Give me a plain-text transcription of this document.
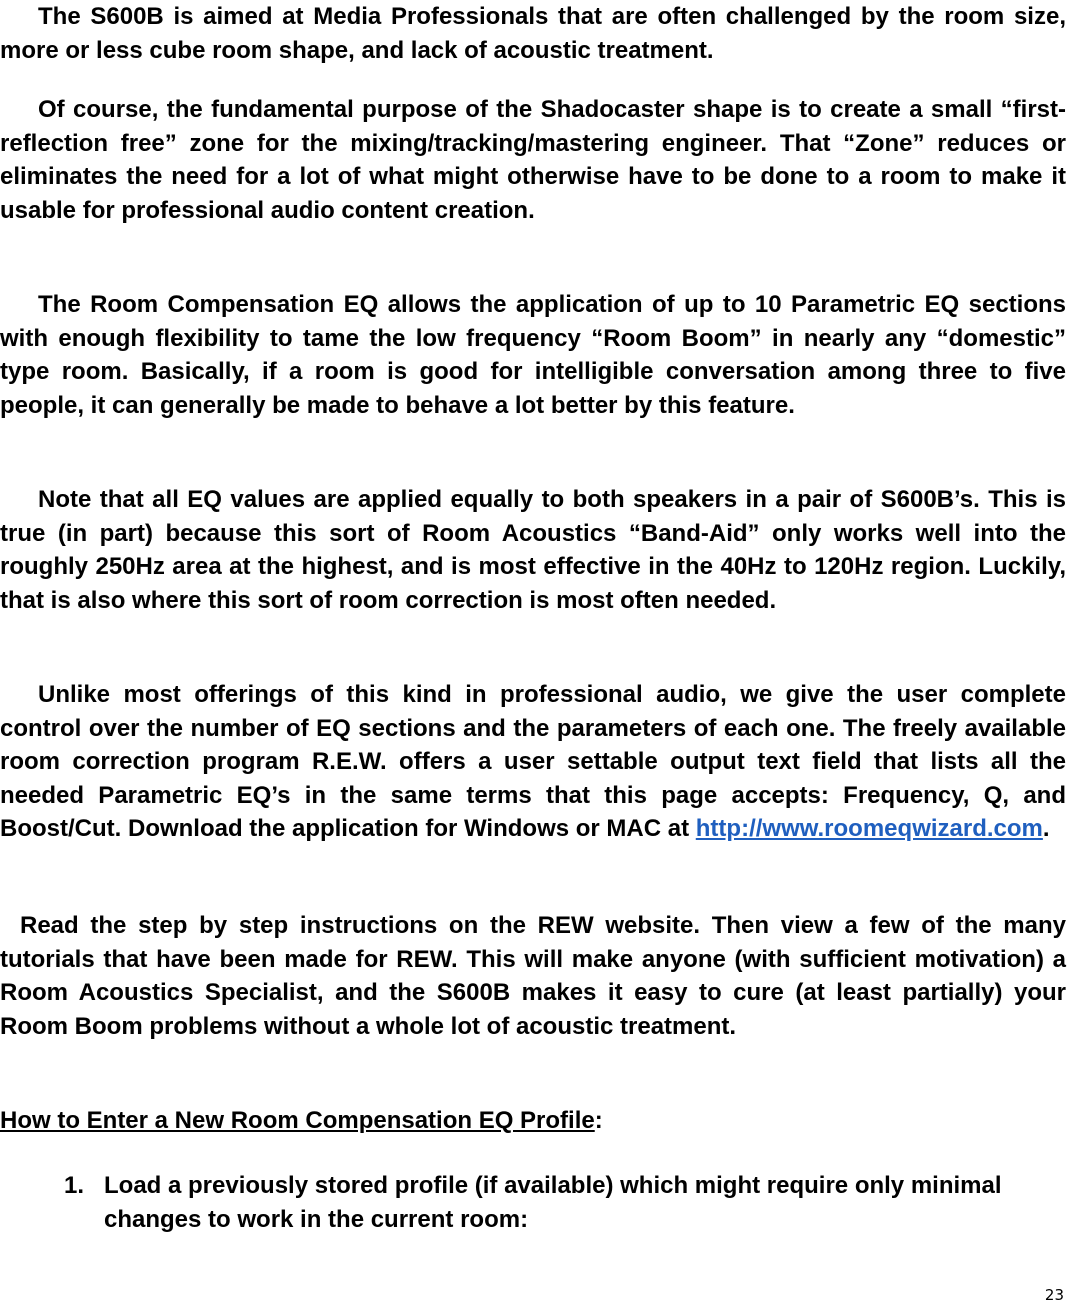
The S600B is aimed at Media Professionals that are often challenged by the room size, more or less cube room shape, and lack of acoustic treatment.

Of course, the fundamental purpose of the Shadocaster shape is to create a small “first-reflection free” zone for the mixing/tracking/mastering engineer. That “Zone” reduces or eliminates the need for a lot of what might otherwise have to be done to a room to make it usable for professional audio content creation.

The Room Compensation EQ allows the application of up to 10 Parametric EQ sections with enough flexibility to tame the low frequency “Room Boom” in nearly any “domestic” type room. Basically, if a room is good for intelligible conversation among three to five people, it can generally be made to behave a lot better by this feature.

Note that all EQ values are applied equally to both speakers in a pair of S600B’s. This is true (in part) because this sort of Room Acoustics “Band-Aid” only works well into the roughly 250Hz area at the highest, and is most effective in the 40Hz to 120Hz region. Luckily, that is also where this sort of room correction is most often needed.

Unlike most offerings of this kind in professional audio, we give the user complete control over the number of EQ sections and the parameters of each one. The freely available room correction program R.E.W. offers a user settable output text field that lists all the needed Parametric EQ’s in the same terms that this page accepts: Frequency, Q, and Boost/Cut. Download the application for Windows or MAC at http://www.roomeqwizard.com.

Read the step by step instructions on the REW website. Then view a few of the many tutorials that have been made for REW. This will make anyone (with sufficient motivation) a Room Acoustics Specialist, and the S600B makes it easy to cure (at least partially) your Room Boom problems without a whole lot of acoustic treatment.

How to Enter a New Room Compensation EQ Profile:

1. Load a previously stored profile (if available) which might require only minimal changes to work in the current room:
23
